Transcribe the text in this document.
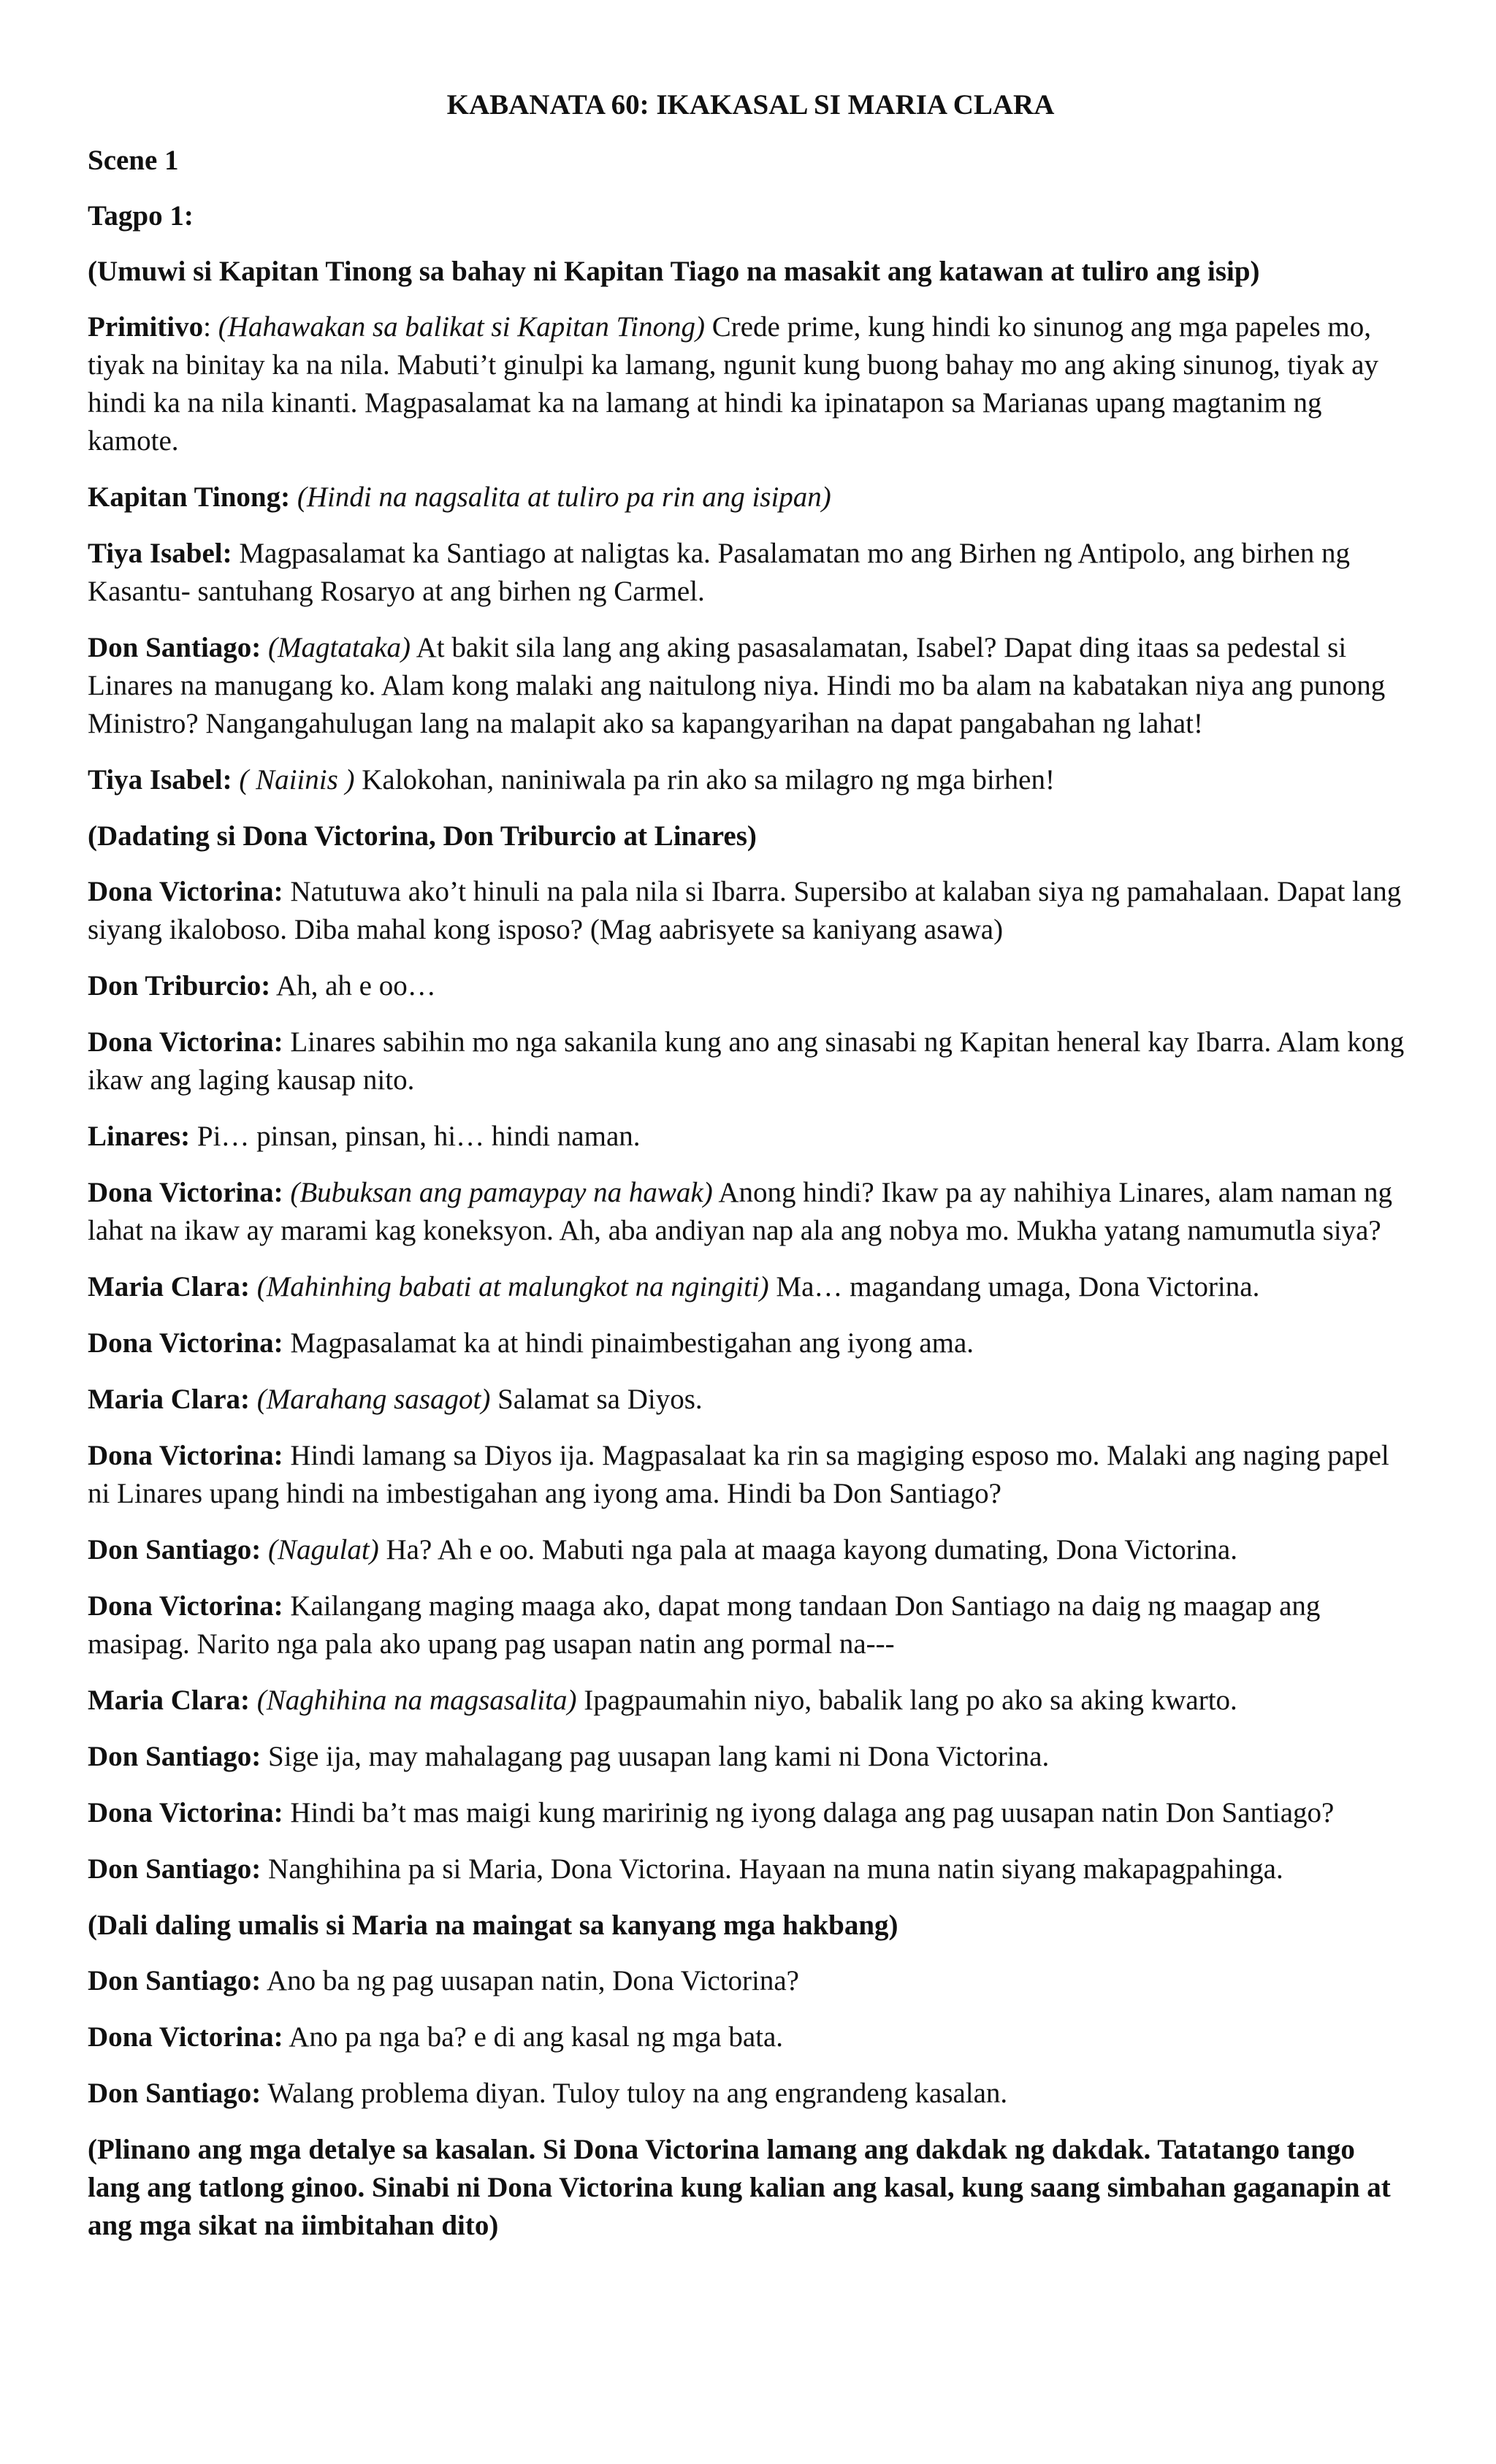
KABANATA 60: IKAKASAL SI MARIA CLARA
Scene 1
Tagpo 1:
(Umuwi si Kapitan Tinong sa bahay ni Kapitan Tiago na masakit ang katawan at tuliro ang isip)
Primitivo: (Hahawakan sa balikat si Kapitan Tinong) Crede prime, kung hindi ko sinunog ang mga papeles mo, tiyak na binitay ka na nila. Mabuti’t ginulpi ka lamang, ngunit kung buong bahay mo ang aking sinunog, tiyak ay hindi ka na nila kinanti. Magpasalamat ka na lamang at hindi ka ipinatapon sa Marianas upang magtanim ng kamote.
Kapitan Tinong: (Hindi na nagsalita at tuliro pa rin ang isipan)
Tiya Isabel: Magpasalamat ka Santiago at naligtas ka. Pasalamatan mo ang Birhen ng Antipolo, ang birhen ng Kasantu- santuhang Rosaryo at ang birhen ng Carmel.
Don Santiago: (Magtataka) At bakit sila lang ang aking pasasalamatan, Isabel? Dapat ding itaas sa pedestal si Linares na manugang ko. Alam kong malaki ang naitulong niya. Hindi mo ba alam na kabatakan niya ang punong Ministro? Nangangahulugan lang na malapit ako sa kapangyarihan na dapat pangabahan ng lahat!
Tiya Isabel: ( Naiinis ) Kalokohan, naniniwala pa rin ako sa milagro ng mga birhen!
(Dadating si Dona Victorina, Don Triburcio at Linares)
Dona Victorina: Natutuwa ako’t hinuli na pala nila si Ibarra. Supersibo at kalaban siya ng pamahalaan. Dapat lang siyang ikaloboso. Diba mahal kong isposo? (Mag aabrisyete sa kaniyang asawa)
Don Triburcio: Ah, ah e oo…
Dona Victorina: Linares sabihin mo nga sakanila kung ano ang sinasabi ng Kapitan heneral kay Ibarra. Alam kong ikaw ang laging kausap nito.
Linares: Pi… pinsan, pinsan, hi… hindi naman.
Dona Victorina: (Bubuksan ang pamaypay na hawak) Anong hindi? Ikaw pa ay nahihiya Linares, alam naman ng lahat na ikaw ay marami kag koneksyon. Ah, aba andiyan nap ala ang nobya mo. Mukha yatang namumutla siya?
Maria Clara: (Mahinhing babati at malungkot na ngingiti) Ma… magandang umaga, Dona Victorina.
Dona Victorina: Magpasalamat ka at hindi pinaimbestigahan ang iyong ama.
Maria Clara: (Marahang sasagot) Salamat sa Diyos.
Dona Victorina: Hindi lamang sa Diyos ija. Magpasalaat ka rin sa magiging esposo mo. Malaki ang naging papel ni Linares upang hindi na imbestigahan ang iyong ama. Hindi ba Don Santiago?
Don Santiago: (Nagulat) Ha? Ah e oo. Mabuti nga pala at maaga kayong dumating, Dona Victorina.
Dona Victorina: Kailangang maging maaga ako, dapat mong tandaan Don Santiago na daig ng maagap ang masipag. Narito nga pala ako upang pag usapan natin ang pormal na---
Maria Clara: (Naghihina na magsasalita) Ipagpaumahin niyo, babalik lang po ako sa aking kwarto.
Don Santiago: Sige ija, may mahalagang pag uusapan lang kami ni Dona Victorina.
Dona Victorina: Hindi ba’t mas maigi kung maririnig ng iyong dalaga ang pag uusapan natin Don Santiago?
Don Santiago: Nanghihina pa si Maria, Dona Victorina. Hayaan na muna natin siyang makapagpahinga.
(Dali daling umalis si Maria na maingat sa kanyang mga hakbang)
Don Santiago: Ano ba ng pag uusapan natin, Dona Victorina?
Dona Victorina: Ano pa nga ba? e di ang kasal ng mga bata.
Don Santiago: Walang problema diyan. Tuloy tuloy na ang engrandeng kasalan.
(Plinano ang mga detalye sa kasalan. Si Dona Victorina lamang ang dakdak ng dakdak. Tatatango tango lang ang tatlong ginoo. Sinabi ni Dona Victorina kung kalian ang kasal, kung saang simbahan gaganapin at ang mga sikat na iimbitahan dito)
